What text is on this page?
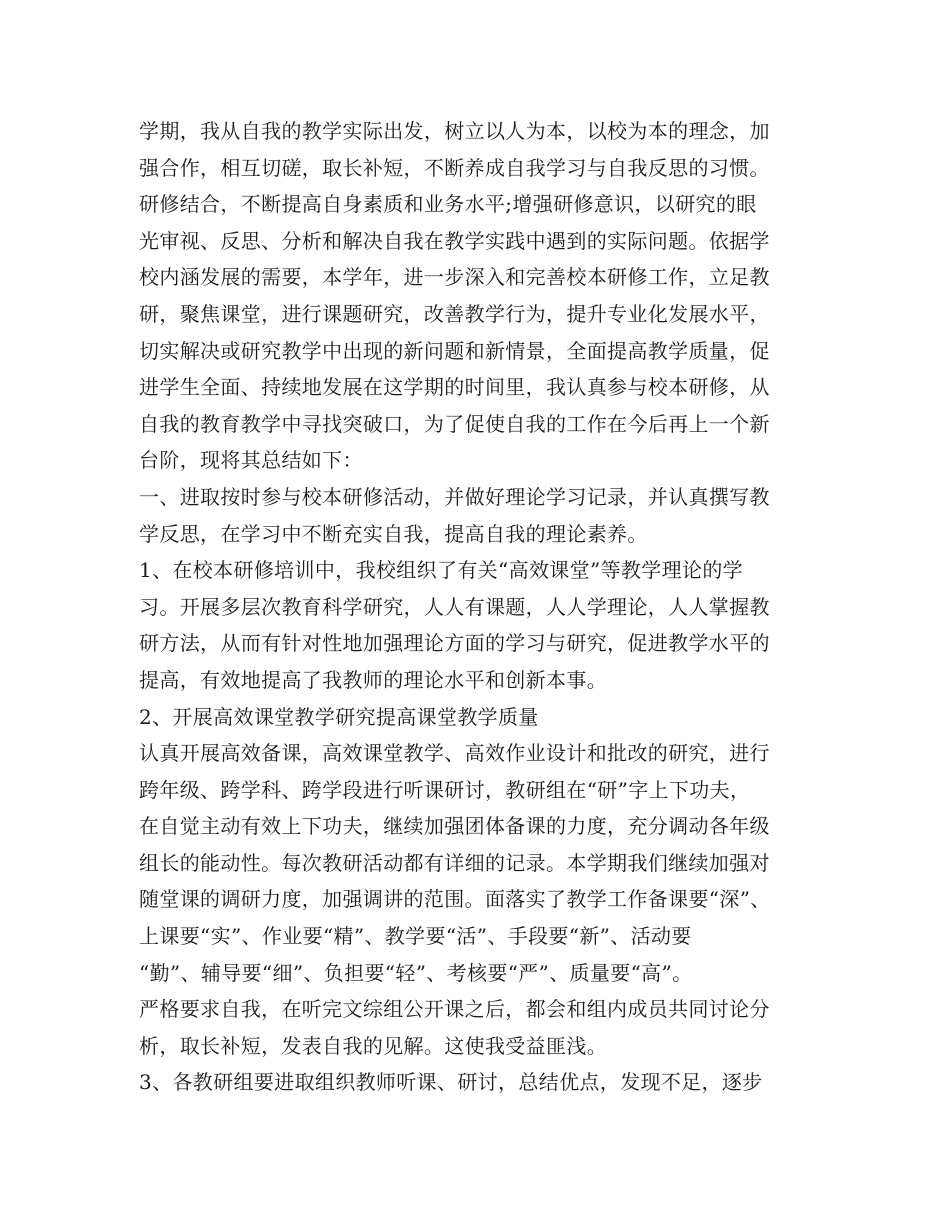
学期，我从自我的教学实际出发，树立以人为本，以校为本的理念，加
强合作，相互切磋，取长补短，不断养成自我学习与自我反思的习惯。
研修结合，不断提高自身素质和业务水平;增强研修意识，以研究的眼
光审视、反思、分析和解决自我在教学实践中遇到的实际问题。依据学
校内涵发展的需要，本学年，进一步深入和完善校本研修工作，立足教
研，聚焦课堂，进行课题研究，改善教学行为，提升专业化发展水平，
切实解决或研究教学中出现的新问题和新情景，全面提高教学质量，促
进学生全面、持续地发展在这学期的时间里，我认真参与校本研修，从
自我的教育教学中寻找突破口，为了促使自我的工作在今后再上一个新
台阶，现将其总结如下：
一、进取按时参与校本研修活动，并做好理论学习记录，并认真撰写教
学反思，在学习中不断充实自我，提高自我的理论素养。
1、在校本研修培训中，我校组织了有关“高效课堂”等教学理论的学
习。开展多层次教育科学研究，人人有课题，人人学理论，人人掌握教
研方法，从而有针对性地加强理论方面的学习与研究，促进教学水平的
提高，有效地提高了我教师的理论水平和创新本事。
2、开展高效课堂教学研究提高课堂教学质量
认真开展高效备课，高效课堂教学、高效作业设计和批改的研究，进行
跨年级、跨学科、跨学段进行听课研讨，教研组在“研”字上下功夫，
在自觉主动有效上下功夫，继续加强团体备课的力度，充分调动各年级
组长的能动性。每次教研活动都有详细的记录。本学期我们继续加强对
随堂课的调研力度，加强调讲的范围。面落实了教学工作备课要“深”、
上课要“实”、作业要“精”、教学要“活”、手段要“新”、活动要
“勤”、辅导要“细”、负担要“轻”、考核要“严”、质量要“高”。
严格要求自我，在听完文综组公开课之后，都会和组内成员共同讨论分
析，取长补短，发表自我的见解。这使我受益匪浅。
3、各教研组要进取组织教师听课、研讨，总结优点，发现不足，逐步
